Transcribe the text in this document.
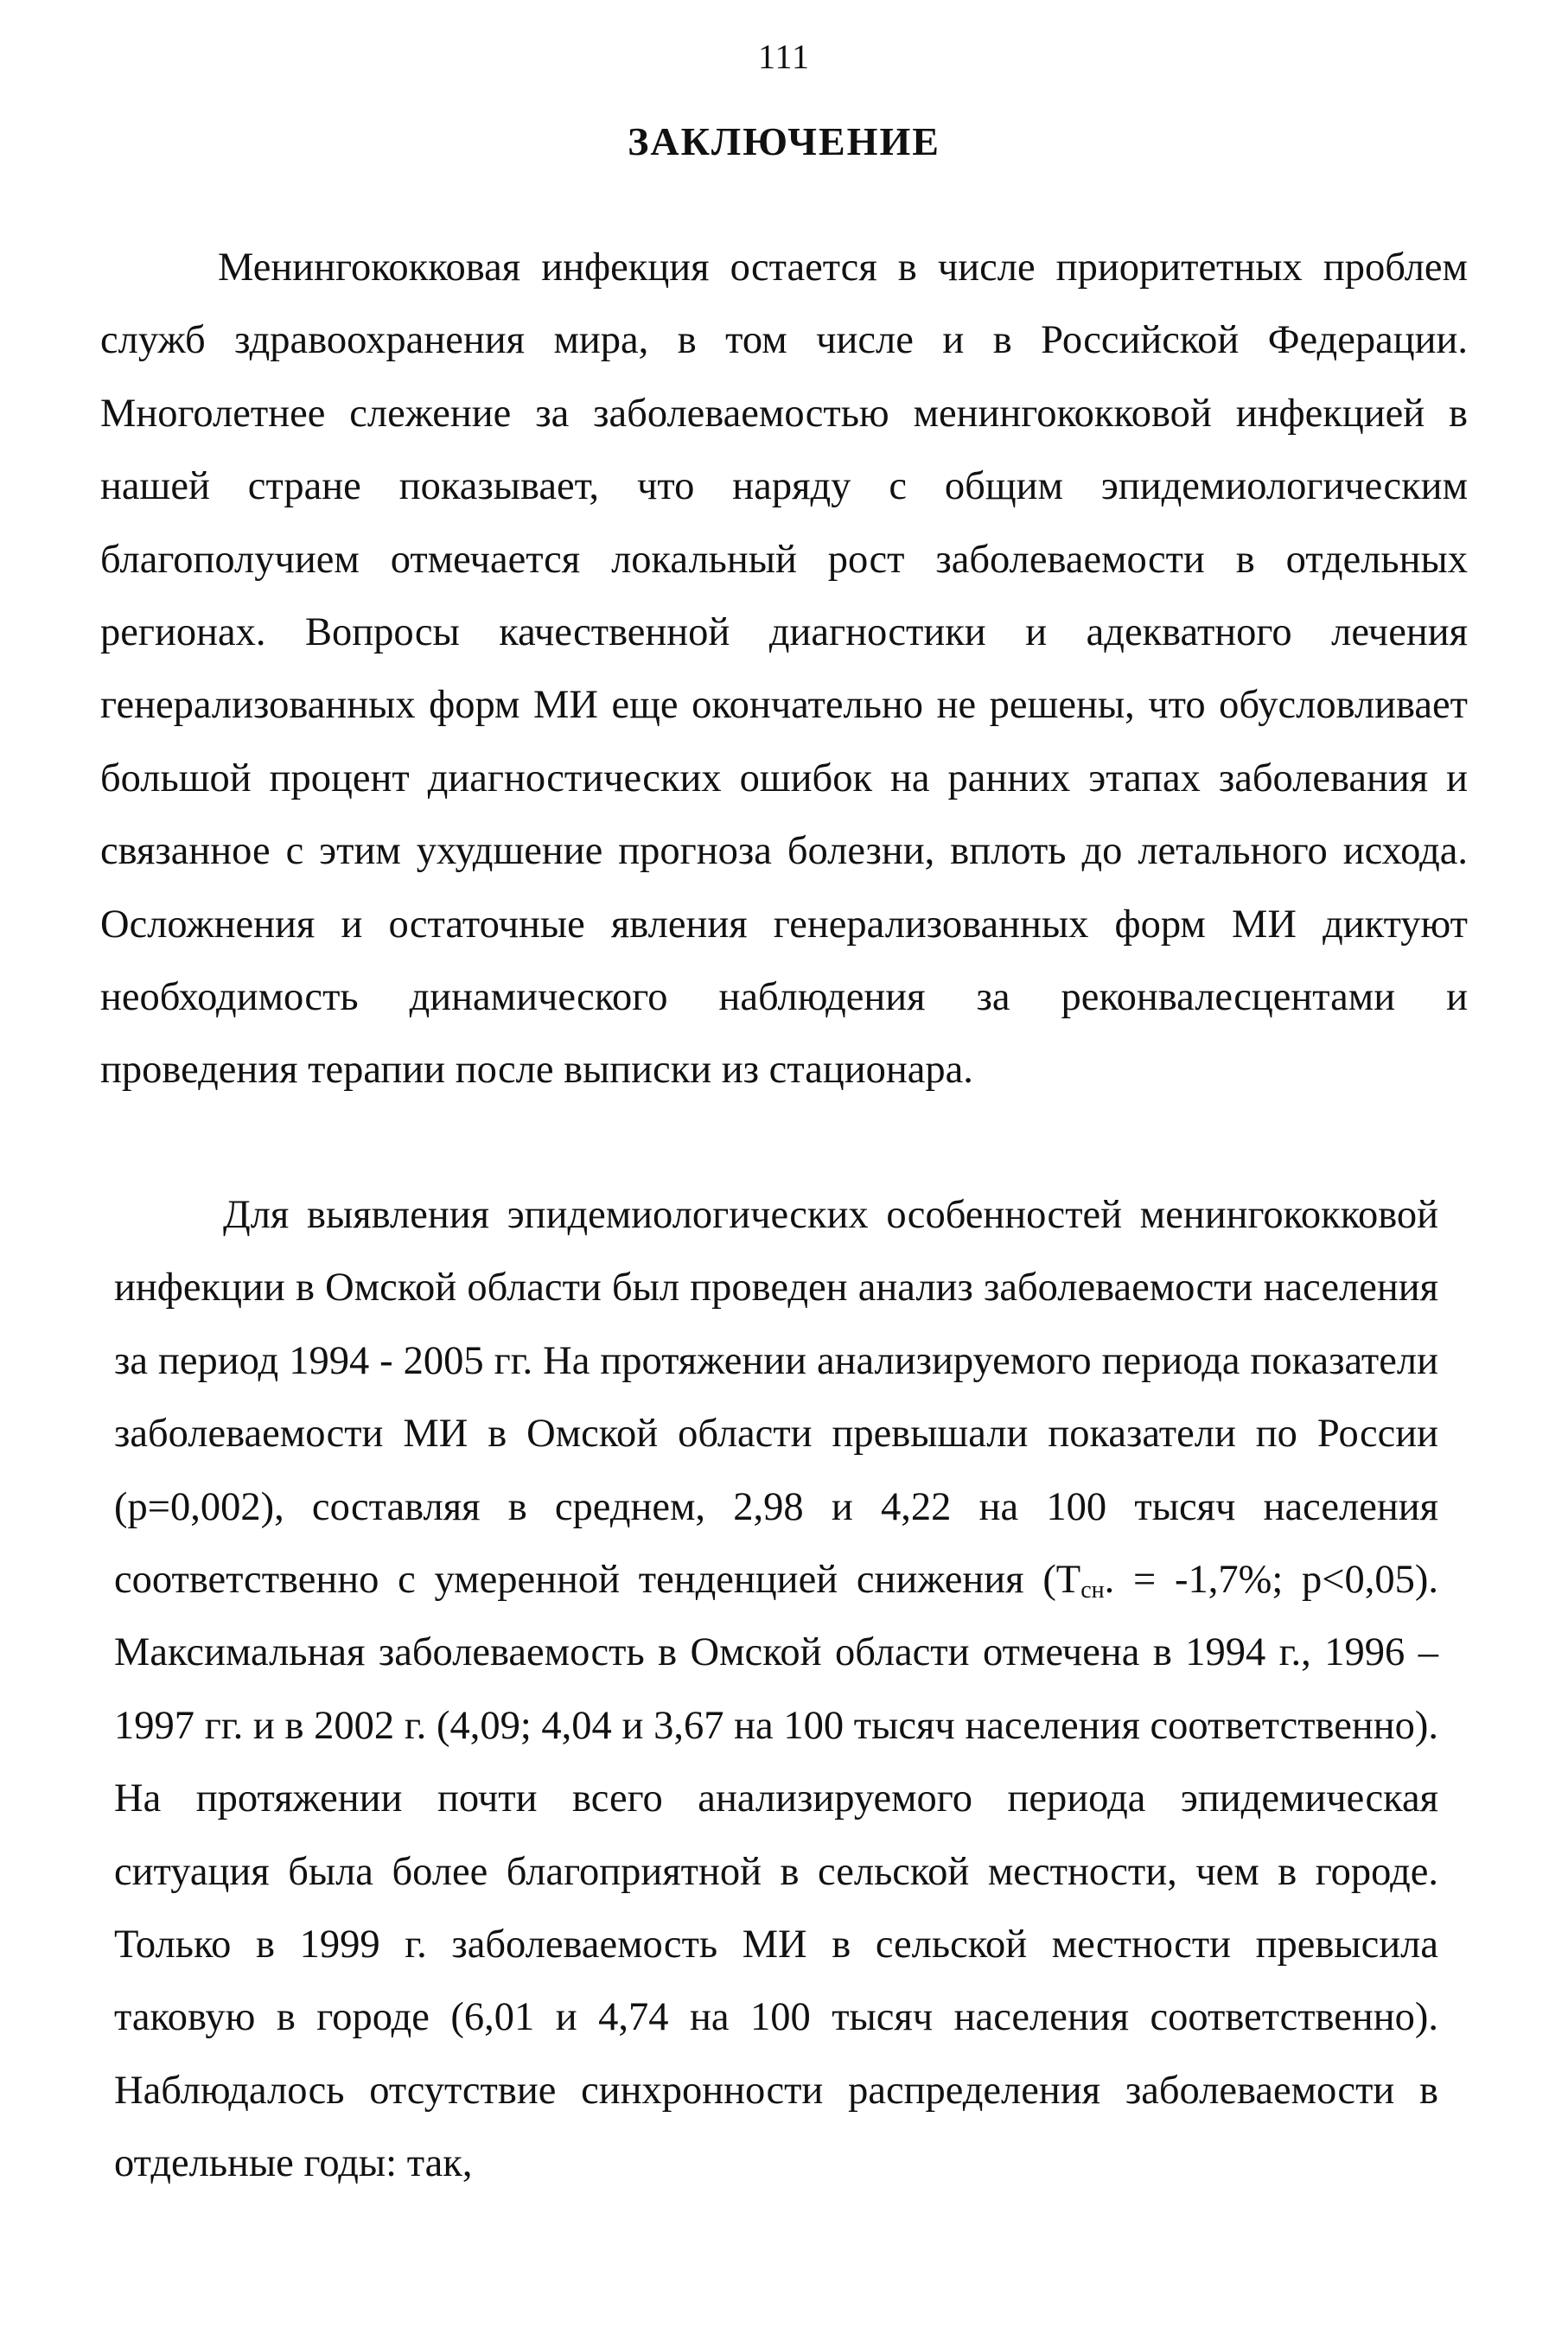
111
ЗАКЛЮЧЕНИЕ

Менингококковая инфекция остается в числе приоритетных проблем служб здравоохранения мира, в том числе и в Российской Федерации. Многолетнее слежение за заболеваемостью менингококковой инфекцией в нашей стране показывает, что наряду с общим эпидемиологическим благополучием отмечается локальный рост заболеваемости в отдельных регионах. Вопросы качественной диагностики и адекватного лечения генерализованных форм МИ еще окончательно не решены, что обусловливает большой процент диагностических ошибок на ранних этапах заболевания и связанное с этим ухудшение прогноза болезни, вплоть до летального исхода. Осложнения и остаточные явления генерализованных форм МИ диктуют необходимость динамического наблюдения за реконвалесцентами и проведения терапии после выписки из стационара.

Для выявления эпидемиологических особенностей менингококковой инфекции в Омской области был проведен анализ заболеваемости населения за период 1994 - 2005 гг. На протяжении анализируемого периода показатели заболеваемости МИ в Омской области превышали показатели по России (р=0,002), составляя в среднем, 2,98 и 4,22 на 100 тысяч населения соответственно с умеренной тенденцией снижения ($Т_{сн}$. = -1,7%; р<0,05). Максимальная заболеваемость в Омской области отмечена в 1994 г., 1996 – 1997 гг. и в 2002 г. (4,09; 4,04 и 3,67 на 100 тысяч населения соответственно). На протяжении почти всего анализируемого периода эпидемическая ситуация была более благоприятной в сельской местности, чем в городе. Только в 1999 г. заболеваемость МИ в сельской местности превысила таковую в городе (6,01 и 4,74 на 100 тысяч населения соответственно). Наблюдалось отсутствие синхронности распределения заболеваемости в отдельные годы: так,
